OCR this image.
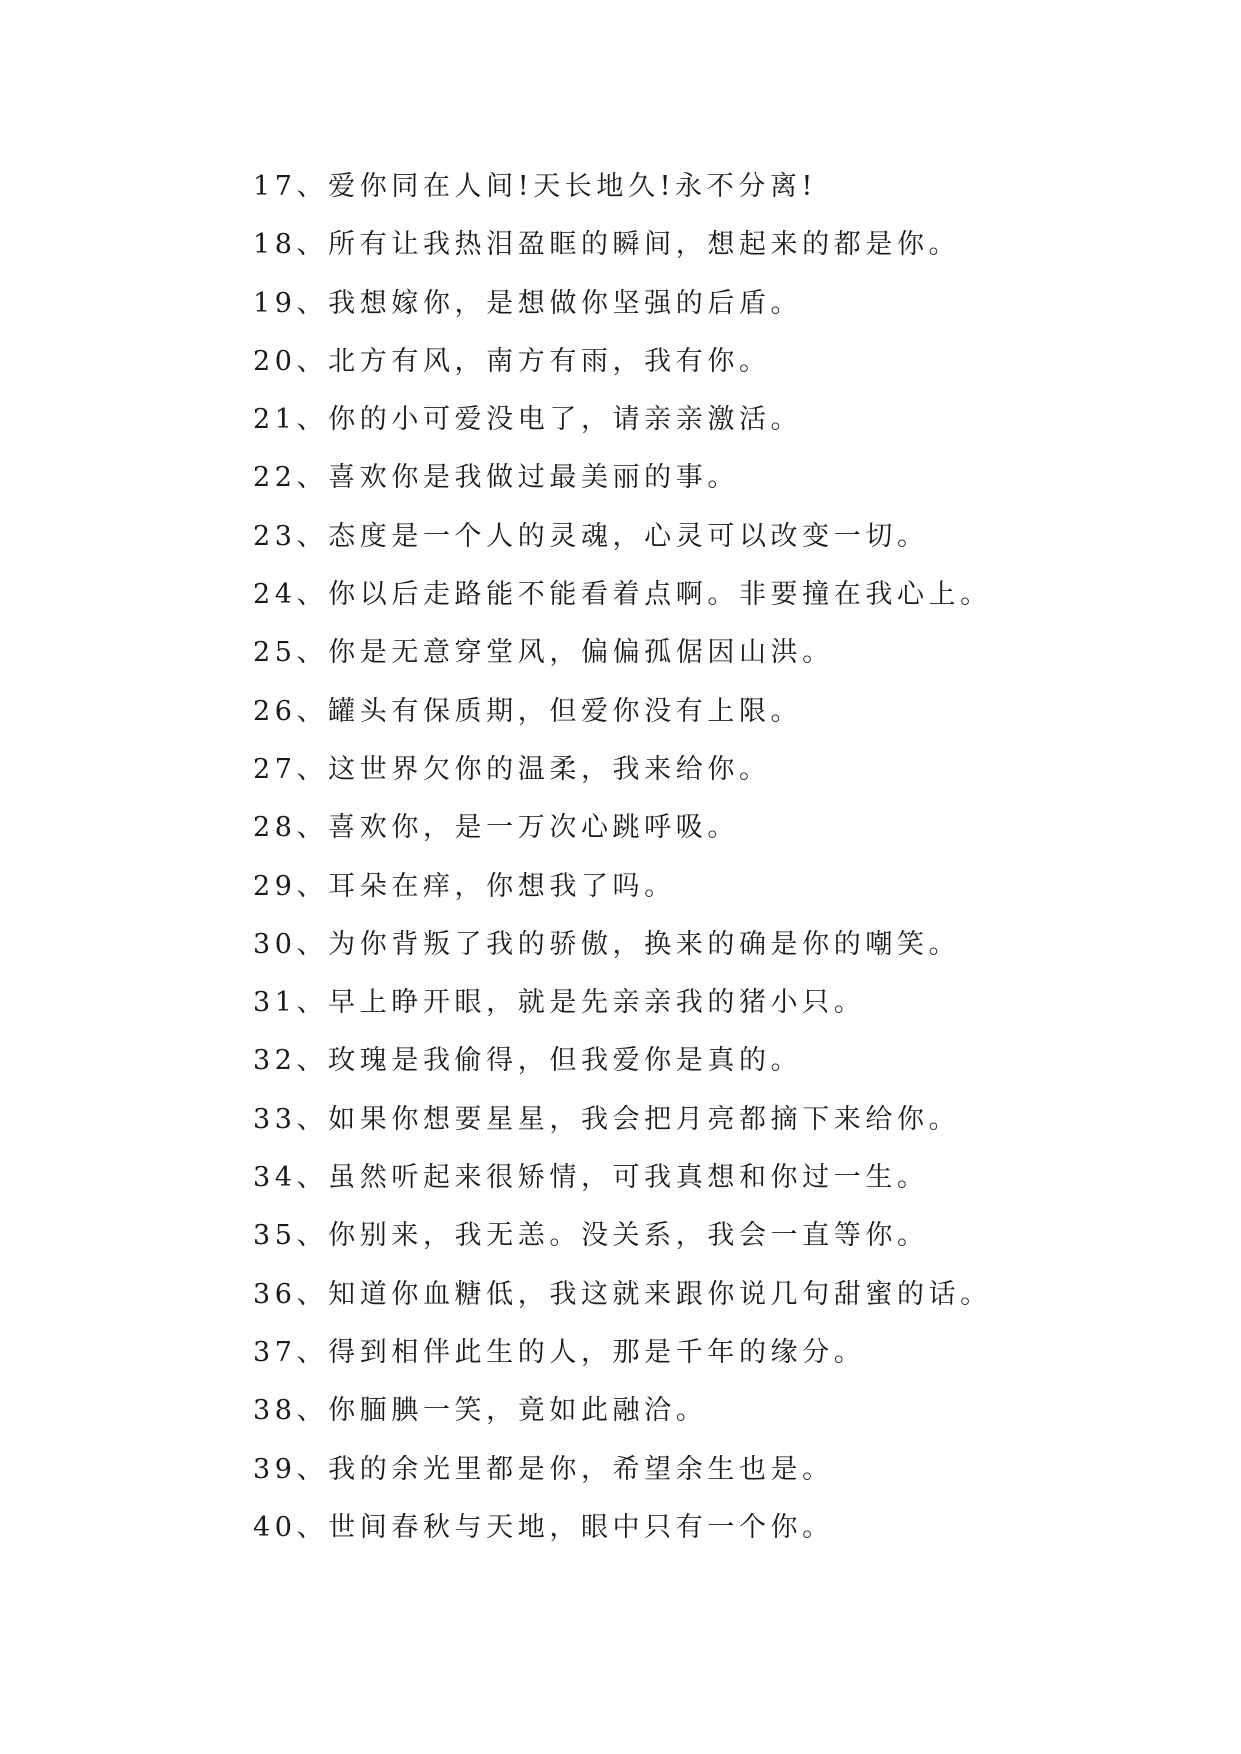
17、爱你同在人间!天长地久!永不分离!
18、所有让我热泪盈眶的瞬间，想起来的都是你。
19、我想嫁你，是想做你坚强的后盾。
20、北方有风，南方有雨，我有你。
21、你的小可爱没电了，请亲亲激活。
22、喜欢你是我做过最美丽的事。
23、态度是一个人的灵魂，心灵可以改变一切。
24、你以后走路能不能看着点啊。非要撞在我心上。
25、你是无意穿堂风，偏偏孤倨因山洪。
26、罐头有保质期，但爱你没有上限。
27、这世界欠你的温柔，我来给你。
28、喜欢你，是一万次心跳呼吸。
29、耳朵在痒，你想我了吗。
30、为你背叛了我的骄傲，换来的确是你的嘲笑。
31、早上睁开眼，就是先亲亲我的猪小只。
32、玫瑰是我偷得，但我爱你是真的。
33、如果你想要星星，我会把月亮都摘下来给你。
34、虽然听起来很矫情，可我真想和你过一生。
35、你别来，我无恙。没关系，我会一直等你。
36、知道你血糖低，我这就来跟你说几句甜蜜的话。
37、得到相伴此生的人，那是千年的缘分。
38、你腼腆一笑，竟如此融洽。
39、我的余光里都是你，希望余生也是。
40、世间春秋与天地，眼中只有一个你。
